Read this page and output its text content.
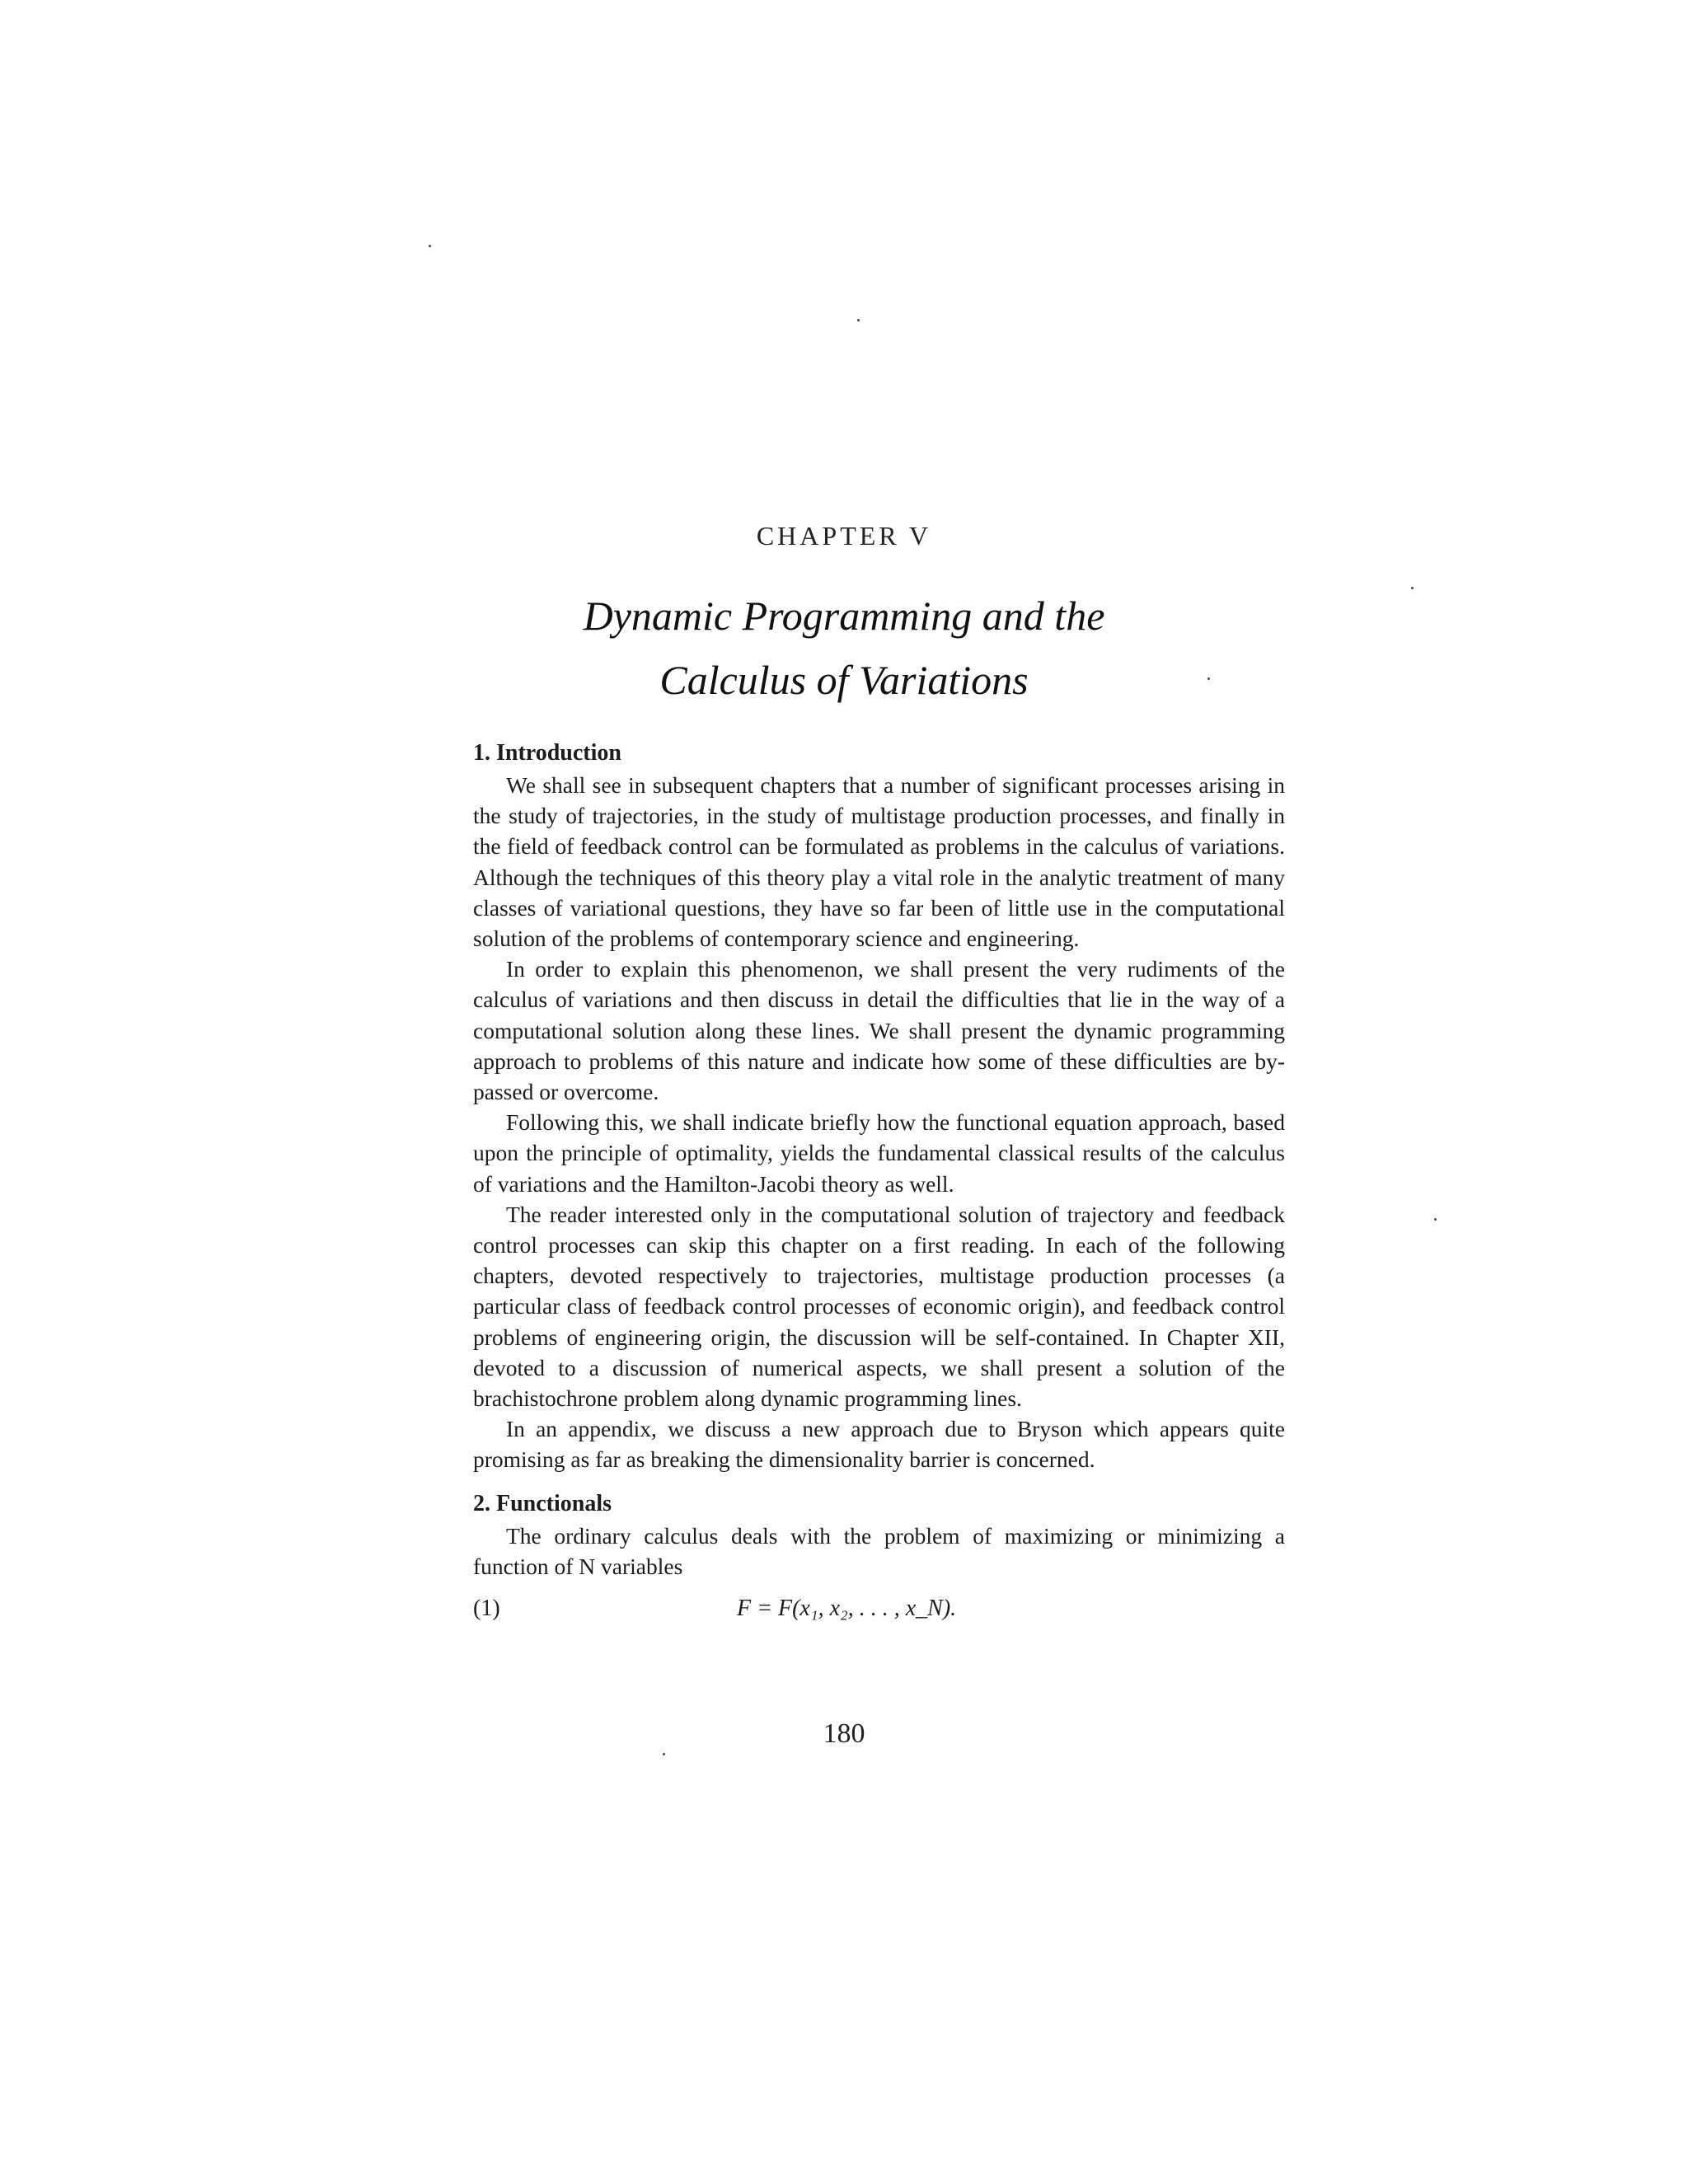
CHAPTER V
Dynamic Programming and the
Calculus of Variations
1. Introduction

We shall see in subsequent chapters that a number of significant processes arising in the study of trajectories, in the study of multistage production processes, and finally in the field of feedback control can be formulated as problems in the calculus of variations. Although the techniques of this theory play a vital role in the analytic treatment of many classes of variational questions, they have so far been of little use in the computational solution of the problems of contemporary science and engineering.

In order to explain this phenomenon, we shall present the very rudiments of the calculus of variations and then discuss in detail the difficulties that lie in the way of a computational solution along these lines. We shall present the dynamic programming approach to problems of this nature and indicate how some of these difficulties are by-passed or overcome.

Following this, we shall indicate briefly how the functional equation approach, based upon the principle of optimality, yields the fundamental classical results of the calculus of variations and the Hamilton-Jacobi theory as well.

The reader interested only in the computational solution of trajectory and feedback control processes can skip this chapter on a first reading. In each of the following chapters, devoted respectively to trajectories, multistage production processes (a particular class of feedback control processes of economic origin), and feedback control problems of engineering origin, the discussion will be self-contained. In Chapter XII, devoted to a discussion of numerical aspects, we shall present a solution of the brachistochrone problem along dynamic programming lines.

In an appendix, we discuss a new approach due to Bryson which appears quite promising as far as breaking the dimensionality barrier is concerned.

2. Functionals

The ordinary calculus deals with the problem of maximizing or minimizing a function of N variables

(1)	F = F(x₁, x₂, . . . , x_N).
180
